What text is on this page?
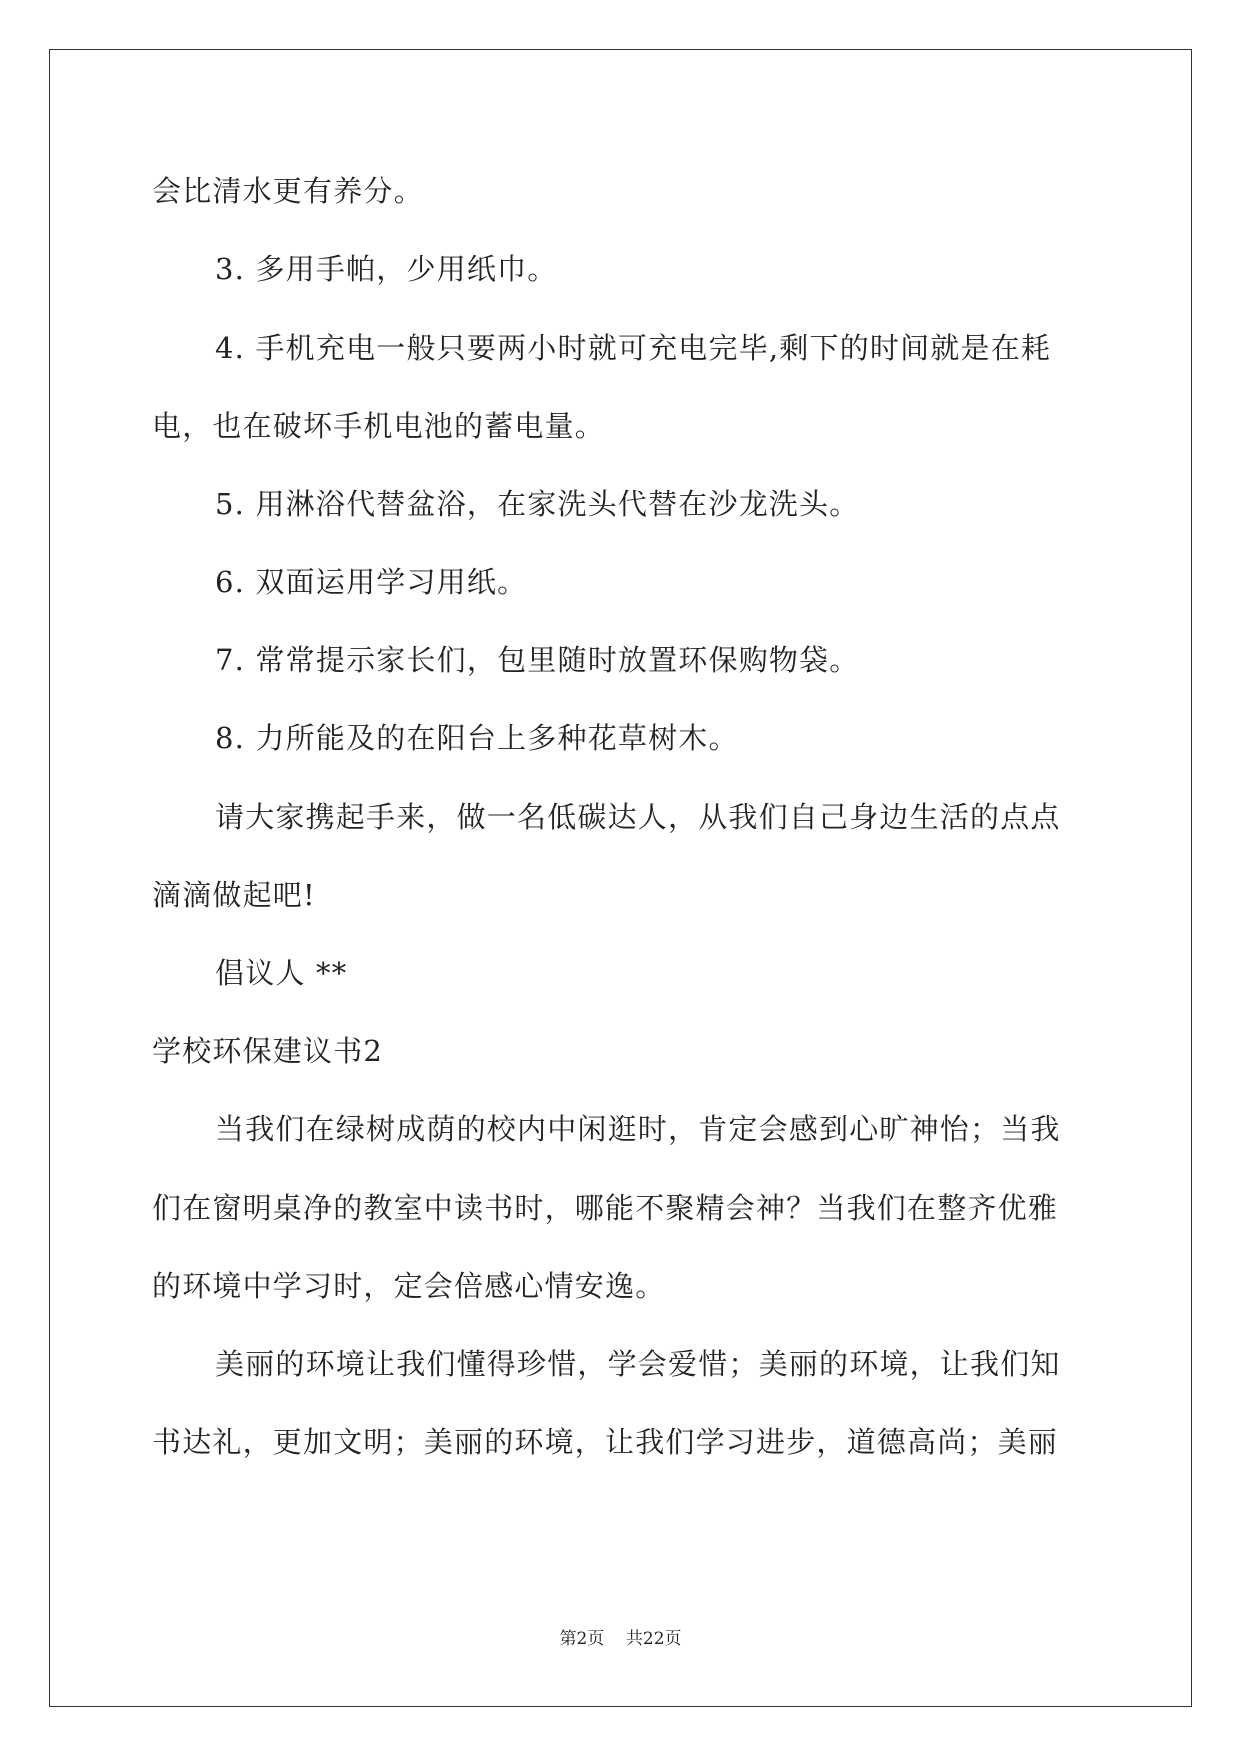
会比清水更有养分。
3. 多用手帕，少用纸巾。
4. 手机充电一般只要两小时就可充电完毕,剩下的时间就是在耗
电，也在破坏手机电池的蓄电量。
5. 用淋浴代替盆浴，在家洗头代替在沙龙洗头。
6. 双面运用学习用纸。
7. 常常提示家长们，包里随时放置环保购物袋。
8. 力所能及的在阳台上多种花草树木。
请大家携起手来，做一名低碳达人，从我们自己身边生活的点点
滴滴做起吧!
倡议人 **
学校环保建议书2
当我们在绿树成荫的校内中闲逛时，肯定会感到心旷神怡；当我
们在窗明桌净的教室中读书时，哪能不聚精会神？当我们在整齐优雅
的环境中学习时，定会倍感心情安逸。
美丽的环境让我们懂得珍惜，学会爱惜；美丽的环境，让我们知
书达礼，更加文明；美丽的环境，让我们学习进步，道德高尚；美丽
第2页 共22页
